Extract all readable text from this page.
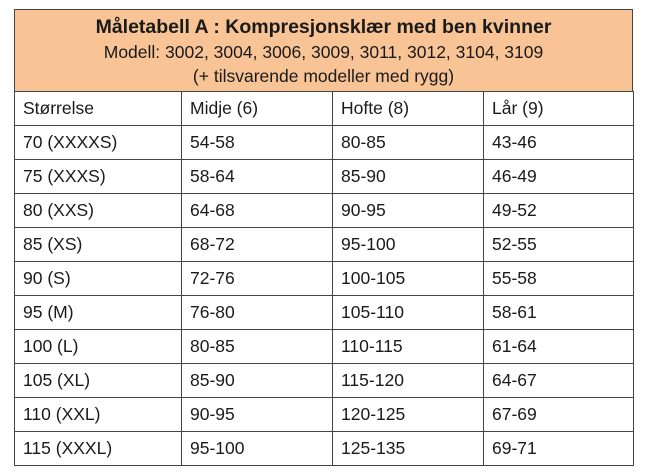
Måletabell A : Kompresjonsklær med ben kvinner
Modell: 3002, 3004, 3006, 3009, 3011, 3012, 3104, 3109
(+ tilsvarende modeller med rygg)
Størrelse	Midje (6)	Hofte (8)	Lår (9)
70 (XXXXS)	54-58	80-85	43-46
75 (XXXS)	58-64	85-90	46-49
80 (XXS)	64-68	90-95	49-52
85 (XS)	68-72	95-100	52-55
90 (S)	72-76	100-105	55-58
95 (M)	76-80	105-110	58-61
100 (L)	80-85	110-115	61-64
105 (XL)	85-90	115-120	64-67
110 (XXL)	90-95	120-125	67-69
115 (XXXL)	95-100	125-135	69-71
